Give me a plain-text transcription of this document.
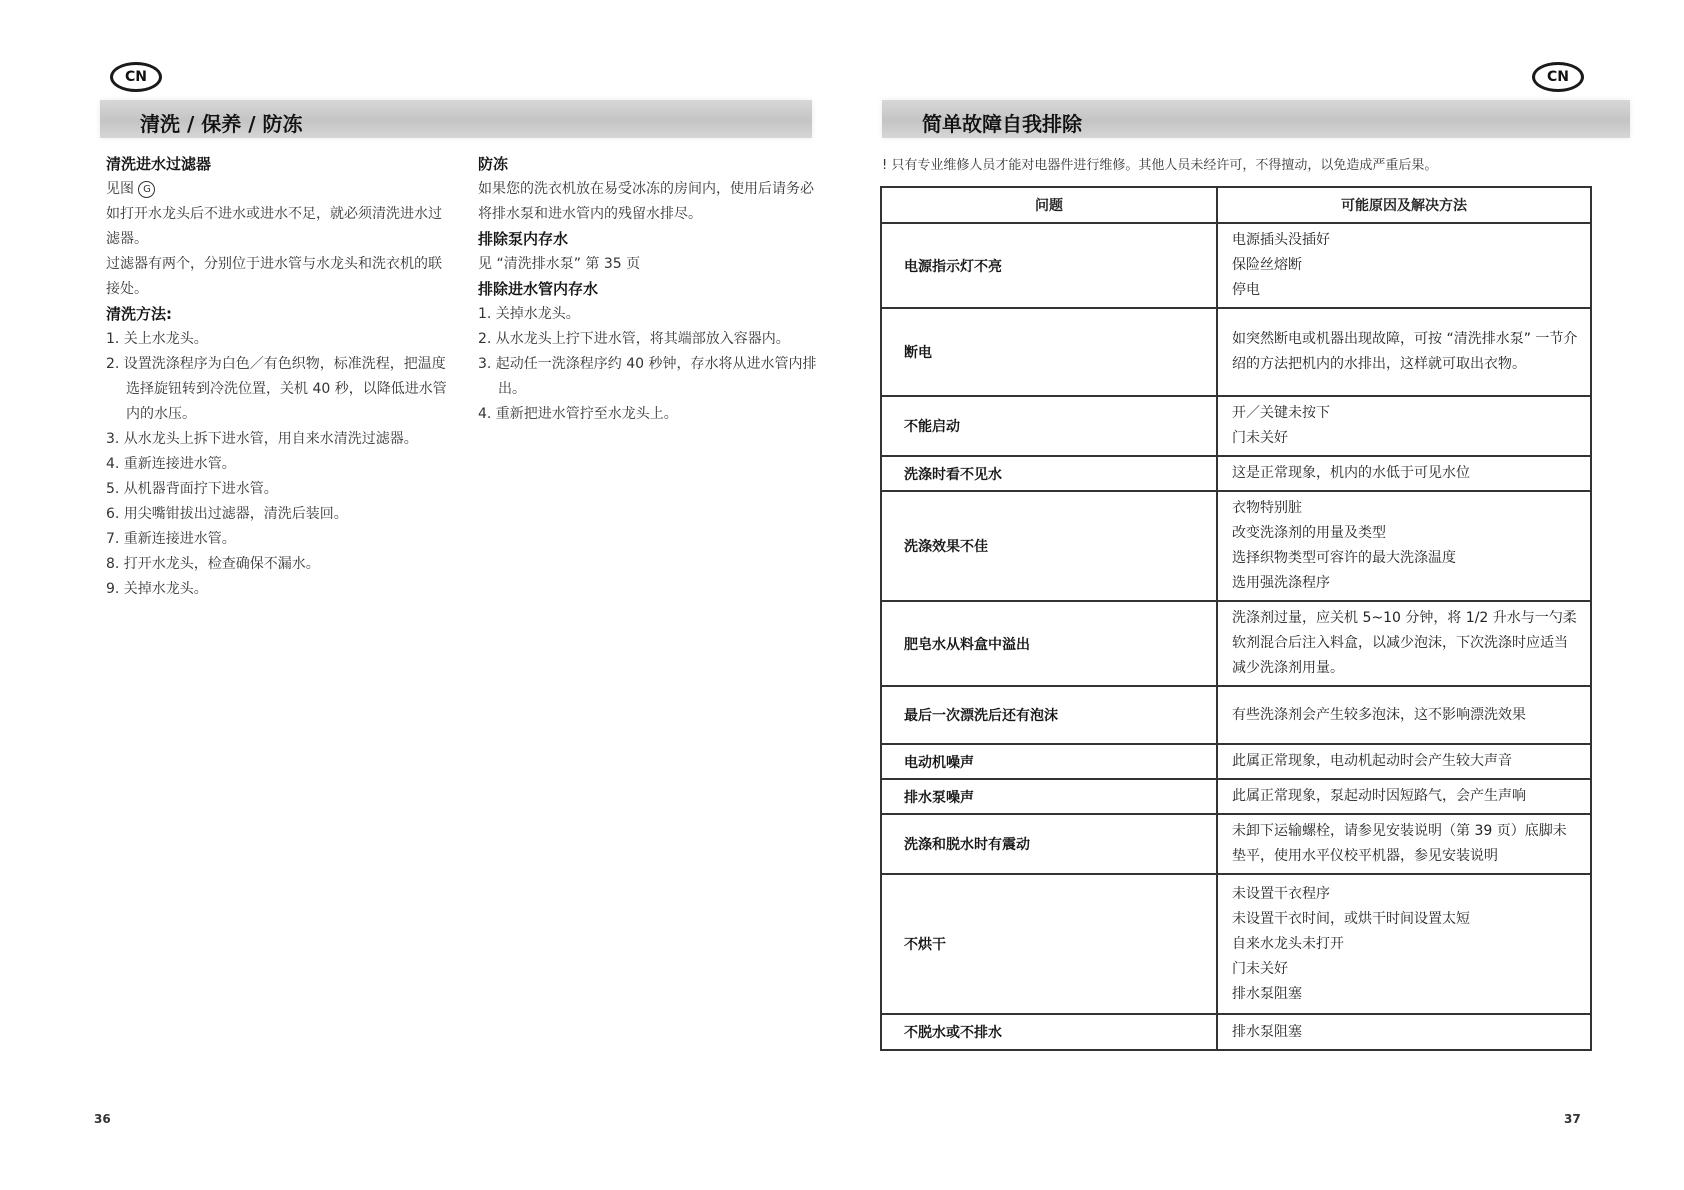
CN
清洗 / 保养 / 防冻
清洗进水过滤器
见图 G
如打开水龙头后不进水或进水不足，就必须清洗进水过滤器。
过滤器有两个，分别位于进水管与水龙头和洗衣机的联接处。
清洗方法:
1. 关上水龙头。
2. 设置洗涤程序为白色／有色织物，标准洗程，把温度选择旋钮转到冷洗位置，关机 40 秒，以降低进水管内的水压。
3. 从水龙头上拆下进水管，用自来水清洗过滤器。
4. 重新连接进水管。
5. 从机器背面拧下进水管。
6. 用尖嘴钳拔出过滤器，清洗后装回。
7. 重新连接进水管。
8. 打开水龙头，检查确保不漏水。
9. 关掉水龙头。
防冻
如果您的洗衣机放在易受冰冻的房间内，使用后请务必将排水泵和进水管内的残留水排尽。
排除泵内存水
见 “清洗排水泵” 第 35 页
排除进水管内存水
1. 关掉水龙头。
2. 从水龙头上拧下进水管，将其端部放入容器内。
3. 起动任一洗涤程序约 40 秒钟，存水将从进水管内排出。
4. 重新把进水管拧至水龙头上。
36
CN
简单故障自我排除
! 只有专业维修人员才能对电器件进行维修。其他人员未经许可，不得擅动，以免造成严重后果。
问题	可能原因及解决方法
电源指示灯不亮	电源插头没插好
保险丝熔断
停电

断电	如突然断电或机器出现故障，可按 “清洗排水泵” 一节介绍的方法把机内的水排出，这样就可取出衣物。

不能启动	开／关键未按下
门未关好

洗涤时看不见水	这是正常现象，机内的水低于可见水位

洗涤效果不佳	衣物特别脏
改变洗涤剂的用量及类型
选择织物类型可容许的最大洗涤温度
选用强洗涤程序

肥皂水从料盒中溢出	洗涤剂过量，应关机 5~10 分钟，将 1/2 升水与一勺柔软剂混合后注入料盒，以减少泡沫，下次洗涤时应适当减少洗涤剂用量。

最后一次漂洗后还有泡沫	有些洗涤剂会产生较多泡沫，这不影响漂洗效果

电动机噪声	此属正常现象，电动机起动时会产生较大声音

排水泵噪声	此属正常现象，泵起动时因短路气，会产生声响

洗涤和脱水时有震动	未卸下运输螺栓，请参见安装说明（第 39 页）底脚未垫平，使用水平仪校平机器，参见安装说明

不烘干	未设置干衣程序
未设置干衣时间，或烘干时间设置太短
自来水龙头未打开
门未关好
排水泵阻塞

不脱水或不排水	排水泵阻塞
37
